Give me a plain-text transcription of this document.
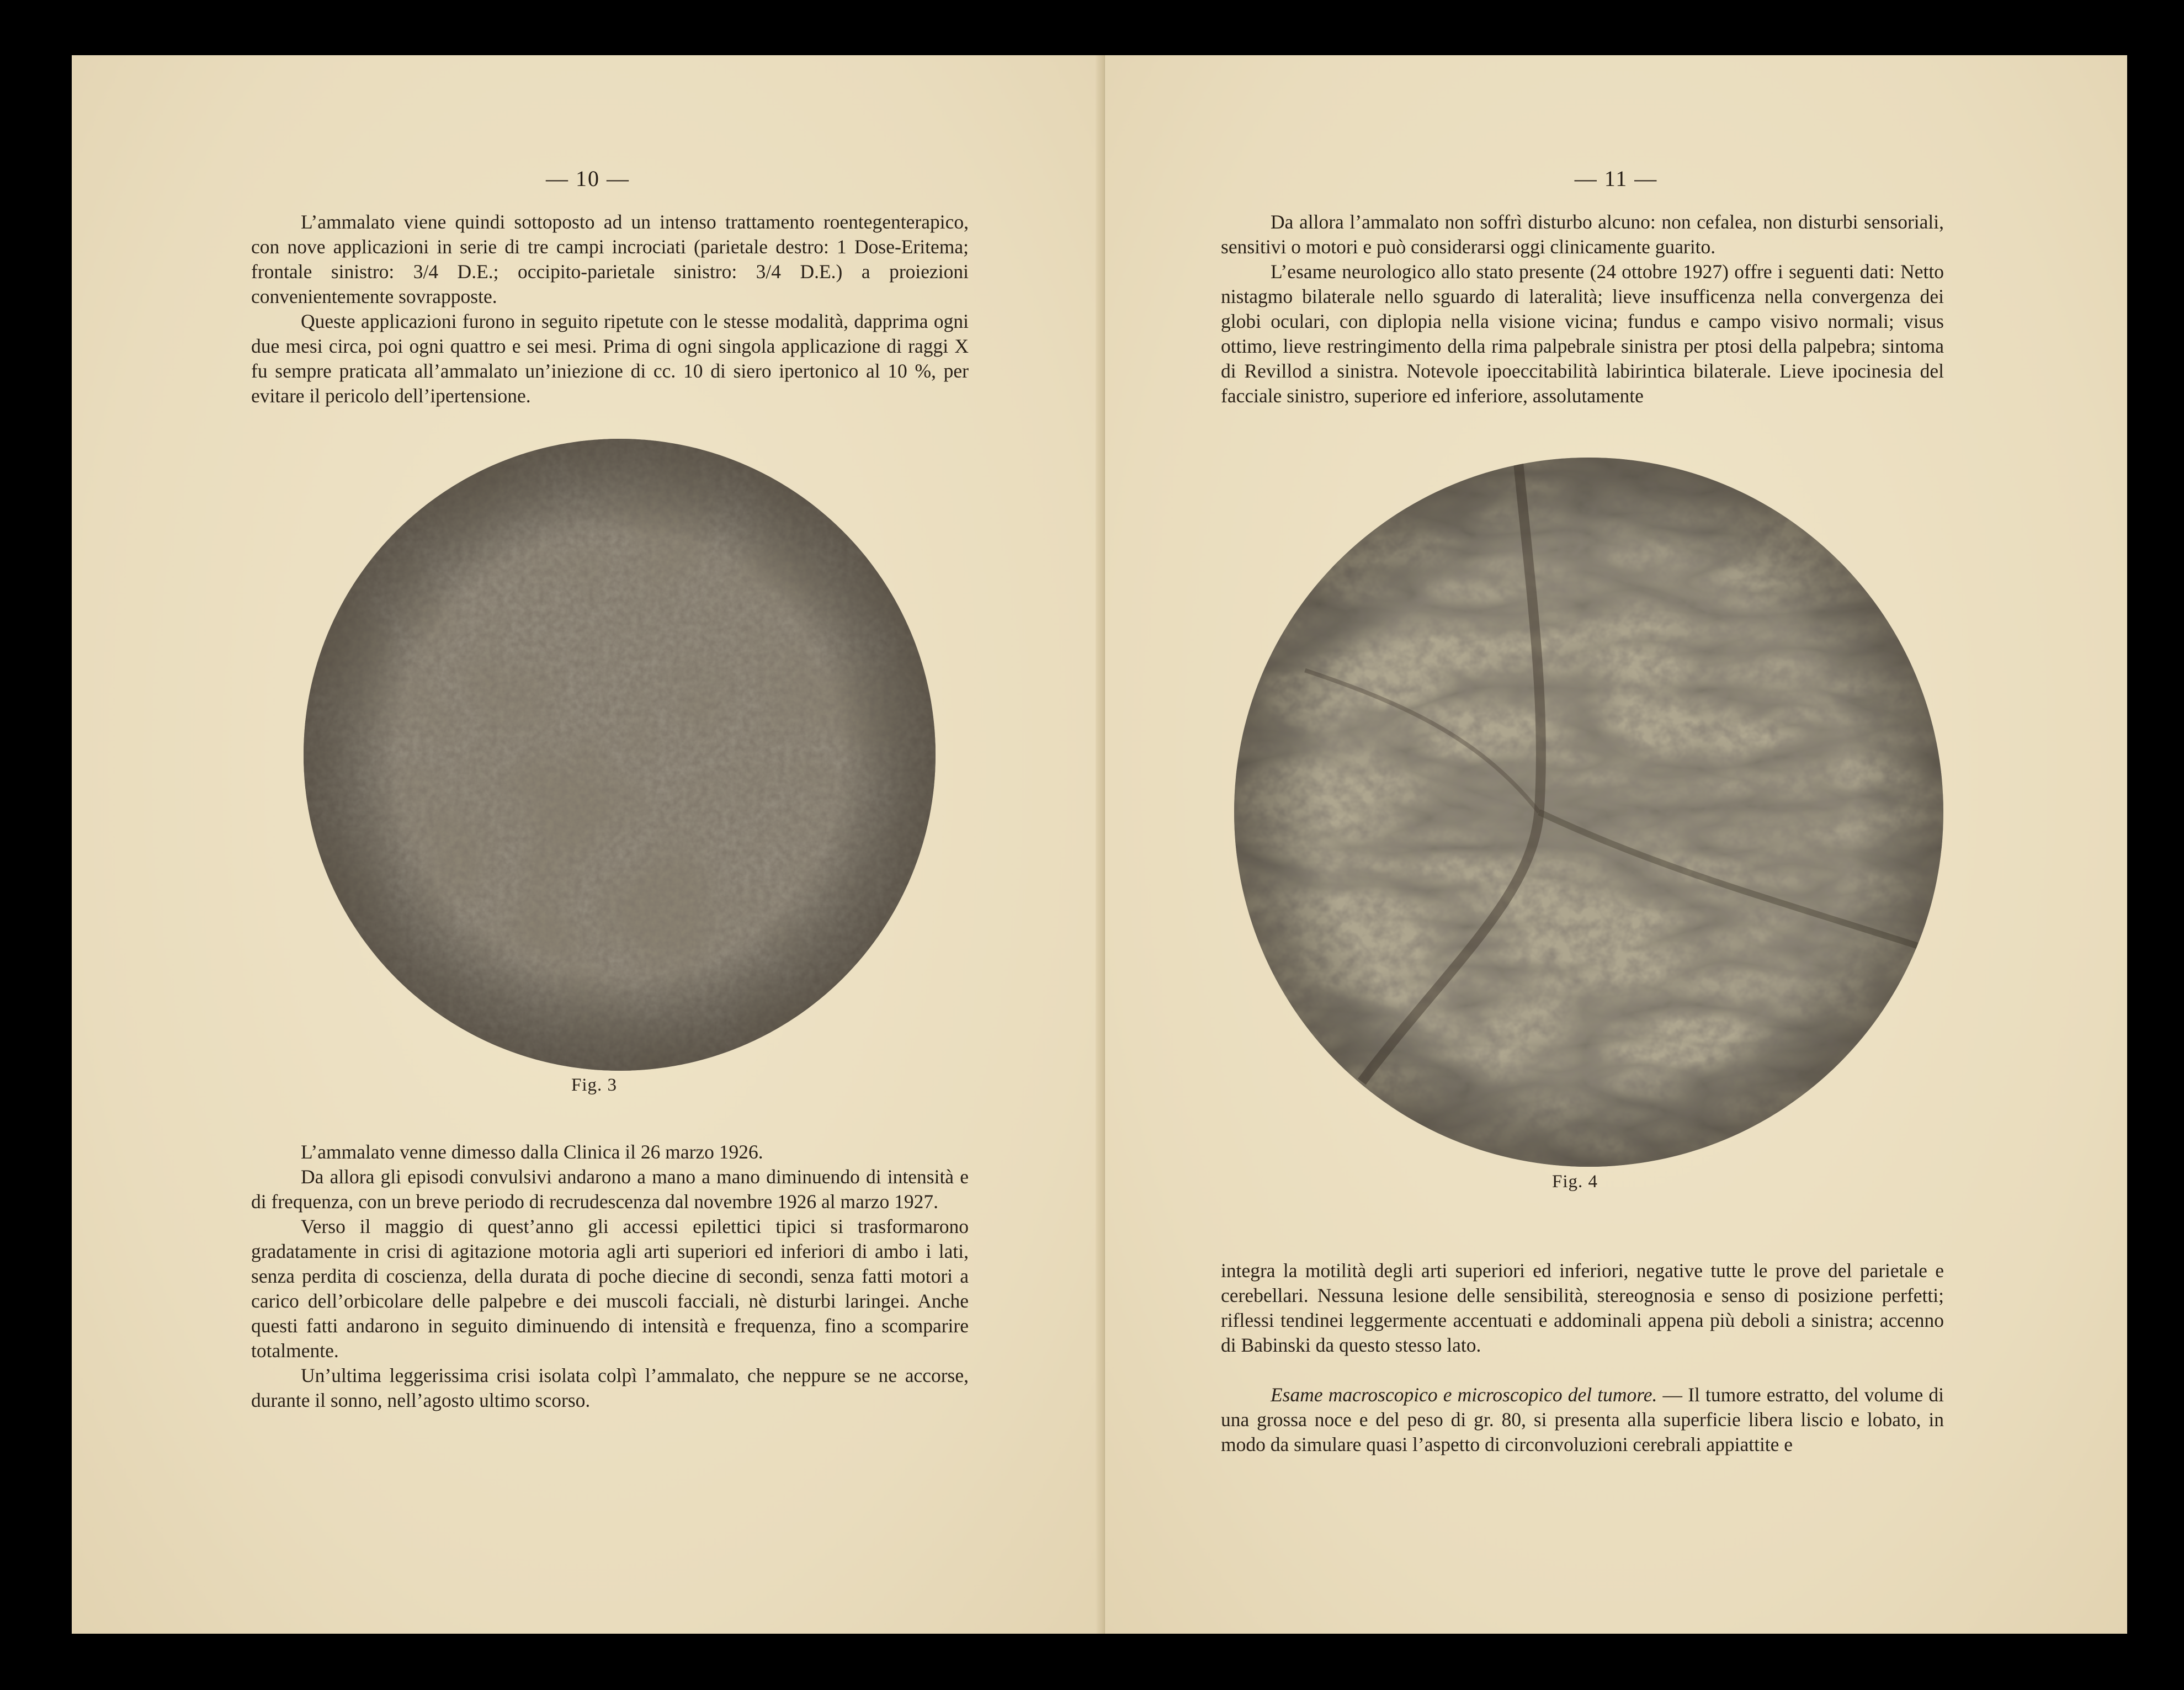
— 10 —

L’ammalato viene quindi sottoposto ad un intenso trattamento roentegenterapico, con nove applicazioni in serie di tre campi incrociati (parietale destro: 1 Dose-Eritema; frontale sinistro: 3/4 D.E.; occipito-parietale sinistro: 3/4 D.E.) a proiezioni convenientemente sovrapposte.

Queste applicazioni furono in seguito ripetute con le stesse modalità, dapprima ogni due mesi circa, poi ogni quattro e sei mesi. Prima di ogni singola applicazione di raggi X fu sempre praticata all’ammalato un’iniezione di cc. 10 di siero ipertonico al 10 %, per evitare il pericolo dell’ipertensione.

Fig. 3

L’ammalato venne dimesso dalla Clinica il 26 marzo 1926.

Da allora gli episodi convulsivi andarono a mano a mano diminuendo di intensità e di frequenza, con un breve periodo di recrudescenza dal novembre 1926 al marzo 1927.

Verso il maggio di quest’anno gli accessi epilettici tipici si trasformarono gradatamente in crisi di agitazione motoria agli arti superiori ed inferiori di ambo i lati, senza perdita di coscienza, della durata di poche diecine di secondi, senza fatti motori a carico dell’orbicolare delle palpebre e dei muscoli facciali, nè disturbi laringei. Anche questi fatti andarono in seguito diminuendo di intensità e frequenza, fino a scomparire totalmente.

Un’ultima leggerissima crisi isolata colpì l’ammalato, che neppure se ne accorse, durante il sonno, nell’agosto ultimo scorso.

— 11 —

Da allora l’ammalato non soffrì disturbo alcuno: non cefalea, non disturbi sensoriali, sensitivi o motori e può considerarsi oggi clinicamente guarito.

L’esame neurologico allo stato presente (24 ottobre 1927) offre i seguenti dati: Netto nistagmo bilaterale nello sguardo di lateralità; lieve insufficenza nella convergenza dei globi oculari, con diplopia nella visione vicina; fundus e campo visivo normali; visus ottimo, lieve restringimento della rima palpebrale sinistra per ptosi della palpebra; sintoma di Revillod a sinistra. Notevole ipoeccitabilità labirintica bilaterale. Lieve ipocinesia del facciale sinistro, superiore ed inferiore, assolutamente

Fig. 4

integra la motilità degli arti superiori ed inferiori, negative tutte le prove del parietale e cerebellari. Nessuna lesione delle sensibilità, stereognosia e senso di posizione perfetti; riflessi tendinei leggermente accentuati e addominali appena più deboli a sinistra; accenno di Babinski da questo stesso lato.

Esame macroscopico e microscopico del tumore. — Il tumore estratto, del volume di una grossa noce e del peso di gr. 80, si presenta alla superficie libera liscio e lobato, in modo da simulare quasi l’aspetto di circonvoluzioni cerebrali appiattite e
